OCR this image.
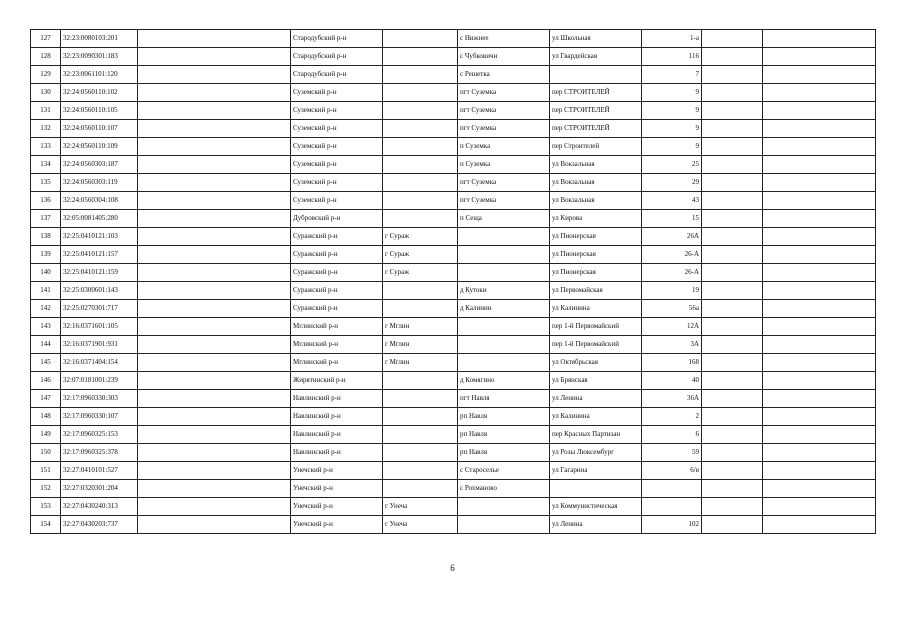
127	32:23:0080103:201		Стародубский р-н		с Нижнее	ул Школьная	1-а		
128	32:23:0090301:183		Стародубский р-н		с Чубковичи	ул Гвардейская	116		
129	32:23:0061101:120		Стародубский р-н		с Решетка		7		
130	32:24:0560110:102		Суземский р-н		пгт Суземка	пер СТРОИТЕЛЕЙ	9		
131	32:24:0560110:105		Суземский р-н		пгт Суземка	пер СТРОИТЕЛЕЙ	9		
132	32:24:0560110:107		Суземский р-н		пгт Суземка	пер СТРОИТЕЛЕЙ	9		
133	32:24:0560110:109		Суземский р-н		п Суземка	пер Строителей	9		
134	32:24:0560303:187		Суземский р-н		п Суземка	ул Вокзальная	25		
135	32:24:0560303:119		Суземский р-н		пгт Суземка	ул Вокзальная	29		
136	32:24:0560304:108		Суземский р-н		пгт Суземка	ул Вокзальная	43		
137	32:05:0081405:280		Дубровский р-н		п Сеща	ул Кирова	15		
138	32:25:0410121:103		Суражский р-н	г Сураж		ул Пионерская	26А		
139	32:25:0410121:157		Суражский р-н	г Сураж		ул Пионерская	26-А		
140	32:25:0410121:159		Суражский р-н	г Сураж		ул Пионерская	26-А		
141	32:25:0300601:143		Суражский р-н		д Кутоки	ул Первомайская	19		
142	32:25:0270301:717		Суражский р-н		д Калинин	ул Калинина	56а		
143	32:16:0371601:105		Мглинский р-н	г Мглин		пер 1-й Первомайский	12А		
144	32:16:0371901:931		Мглинский р-н	г Мглин		пер 1-й Первомайский	3А		
145	32:16:0371404:154		Мглинский р-н	г Мглин		ул Октябрьская	168		
146	32:07:0181001:239		Жирятинский р-н		д Комягино	ул Брянская	40		
147	32:17:0960330:303		Навлинский р-н		пгт Навля	ул Ленина	36А		
148	32:17:0960330:107		Навлинский р-н		рп Навля	ул Калинина	2		
149	32:17:0960325:153		Навлинский р-н		рп Навля	пер Красных Партизан	6		
150	32:17:0960325:378		Навлинский р-н		рп Навля	ул Розы Люксембург	59		
151	32:27:0410101:527		Унечский р-н		с Старосельe	ул Гагарина	6/в		
152	32:27:0320301:204		Унечский р-н		с Рохманово				
153	32:27:0430240:313		Унечский р-н	г Унеча		ул Коммунистическая			
154	32:27:0430203:737		Унечский р-н	г Унеча		ул Ленина	102		
6
